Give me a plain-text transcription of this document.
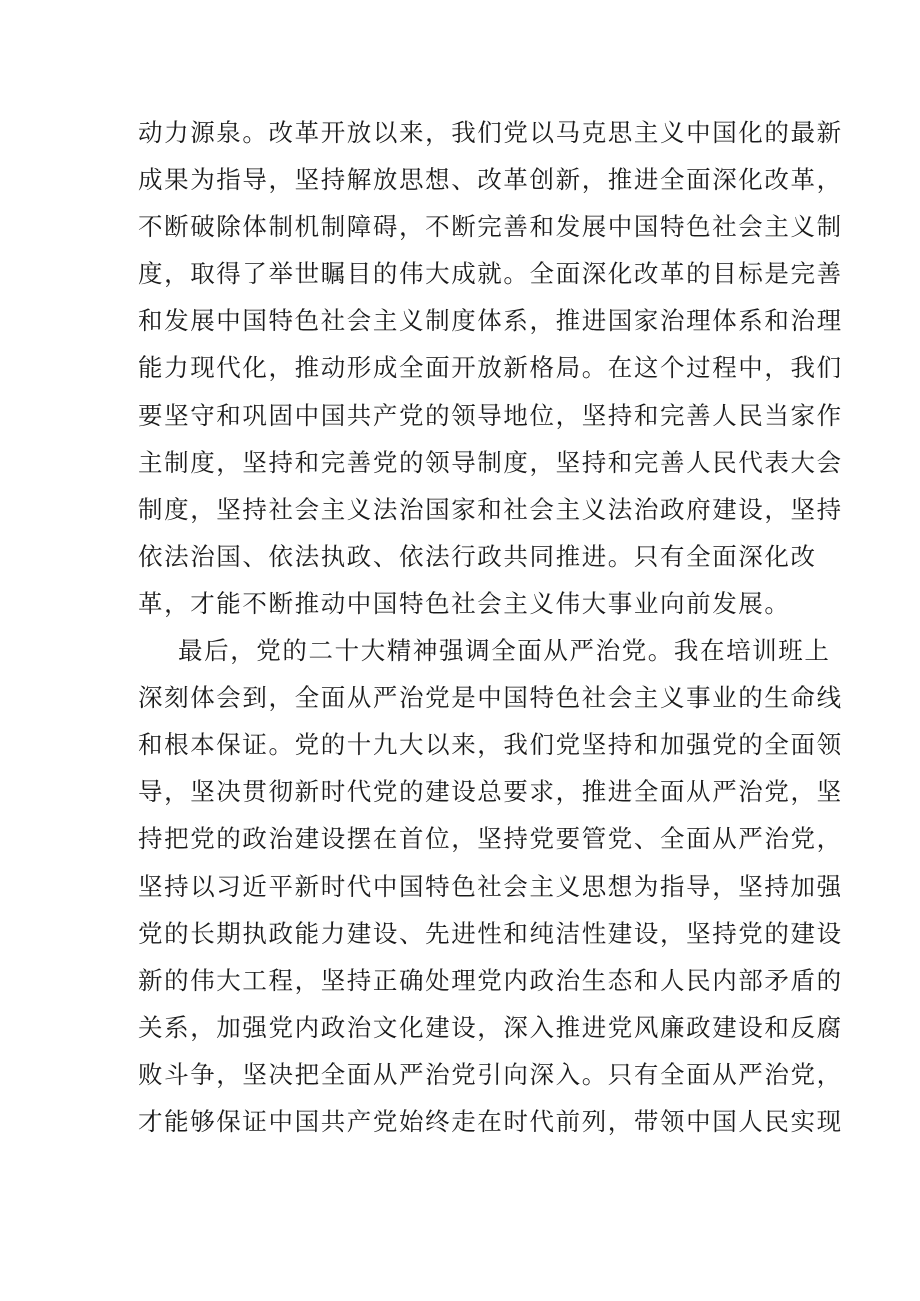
动力源泉。改革开放以来，我们党以马克思主义中国化的最新
成果为指导，坚持解放思想、改革创新，推进全面深化改革，
不断破除体制机制障碍，不断完善和发展中国特色社会主义制
度，取得了举世瞩目的伟大成就。全面深化改革的目标是完善
和发展中国特色社会主义制度体系，推进国家治理体系和治理
能力现代化，推动形成全面开放新格局。在这个过程中，我们
要坚守和巩固中国共产党的领导地位，坚持和完善人民当家作
主制度，坚持和完善党的领导制度，坚持和完善人民代表大会
制度，坚持社会主义法治国家和社会主义法治政府建设，坚持
依法治国、依法执政、依法行政共同推进。只有全面深化改
革，才能不断推动中国特色社会主义伟大事业向前发展。
最后，党的二十大精神强调全面从严治党。我在培训班上
深刻体会到，全面从严治党是中国特色社会主义事业的生命线
和根本保证。党的十九大以来，我们党坚持和加强党的全面领
导，坚决贯彻新时代党的建设总要求，推进全面从严治党，坚
持把党的政治建设摆在首位，坚持党要管党、全面从严治党，
坚持以习近平新时代中国特色社会主义思想为指导，坚持加强
党的长期执政能力建设、先进性和纯洁性建设，坚持党的建设
新的伟大工程，坚持正确处理党内政治生态和人民内部矛盾的
关系，加强党内政治文化建设，深入推进党风廉政建设和反腐
败斗争，坚决把全面从严治党引向深入。只有全面从严治党，
才能够保证中国共产党始终走在时代前列，带领中国人民实现
